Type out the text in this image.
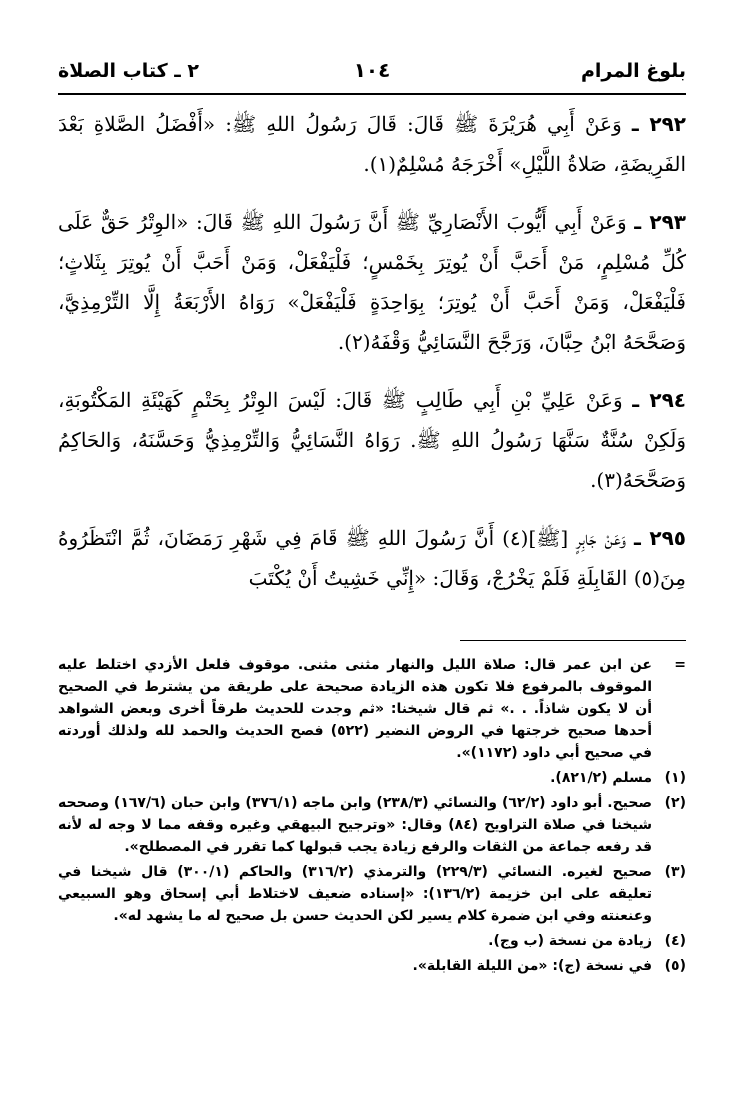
بلوغ المرام
١٠٤
٢ ـ كتاب الصلاة

٢٩٢ ـ وَعَنْ أَبِي هُرَيْرَةَ ﷺ قَالَ: قَالَ رَسُولُ اللهِ ﷺ: «أَفْضَلُ الصَّلاةِ بَعْدَ الفَرِيضَةِ، صَلاةُ اللَّيْلِ» أَخْرَجَهُ مُسْلِمٌ(١).

٢٩٣ ـ وَعَنْ أَبِي أَيُّوبَ الأَنْصَارِيِّ ﷺ أَنَّ رَسُولَ اللهِ ﷺ قَالَ: «الوِتْرُ حَقٌّ عَلَى كُلِّ مُسْلِمٍ، مَنْ أَحَبَّ أَنْ يُوتِرَ بِخَمْسٍ؛ فَلْيَفْعَلْ، وَمَنْ أَحَبَّ أَنْ يُوتِرَ بِثَلاثٍ؛ فَلْيَفْعَلْ، وَمَنْ أَحَبَّ أَنْ يُوتِرَ؛ بِوَاحِدَةٍ فَلْيَفْعَلْ» رَوَاهُ الأَرْبَعَةُ إِلَّا التِّرْمِذِيَّ، وَصَحَّحَهُ ابْنُ حِبَّانَ، وَرَجَّحَ النَّسَائِيُّ وَقْفَهُ(٢).

٢٩٤ ـ وَعَنْ عَلِيِّ بْنِ أَبِي طَالِبٍ ﷺ قَالَ: لَيْسَ الوِتْرُ بِحَتْمٍ كَهَيْئَةِ المَكْتُوبَةِ، وَلَكِنْ سُنَّةٌ سَنَّهَا رَسُولُ اللهِ ﷺ. رَوَاهُ النَّسَائِيُّ وَالتِّرْمِذِيُّ وَحَسَّنَهُ، وَالحَاكِمُ وَصَحَّحَهُ(٣).

٢٩٥ ـ وَعَنْ جَابِرٍ [ﷺ](٤) أَنَّ رَسُولَ اللهِ ﷺ قَامَ فِي شَهْرِ رَمَضَانَ، ثُمَّ انْتَظَرُوهُ مِنَ(٥) القَابِلَةِ فَلَمْ يَخْرُجْ، وَقَالَ: «إِنِّي خَشِيتُ أَنْ يُكْتَبَ

=
عن ابن عمر قال: صلاة الليل والنهار مثنى مثنى. موقوف فلعل الأزدي اختلط عليه الموقوف بالمرفوع فلا تكون هذه الزيادة صحيحة على طريقة من يشترط في الصحيح أن لا يكون شاذاً. . .» ثم قال شيخنا: «ثم وجدت للحديث طرقاً أخرى وبعض الشواهد أحدها صحيح خرجتها في الروض النضير (٥٢٢) فصح الحديث والحمد لله ولذلك أوردته في صحيح أبي داود (١١٧٢)».
(١)
مسلم (٨٢١/٢).
(٢)
صحيح. أبو داود (٦٢/٢) والنسائي (٢٣٨/٣) وابن ماجه (٣٧٦/١) وابن حبان (١٦٧/٦) وصححه شيخنا في صلاة التراويح (٨٤) وقال: «وترجيح البيهقي وغيره وقفه مما لا وجه له لأنه قد رفعه جماعة من الثقات والرفع زيادة يجب قبولها كما تقرر في المصطلح».
(٣)
صحيح لغيره. النسائي (٢٢٩/٣) والترمذي (٣١٦/٢) والحاكم (٣٠٠/١) قال شيخنا في تعليقه على ابن خزيمة (١٣٦/٢): «إسناده ضعيف لاختلاط أبي إسحاق وهو السبيعي وعنعنته وفي ابن ضمرة كلام يسير لكن الحديث حسن بل صحيح له ما يشهد له».
(٤)
زيادة من نسخة (ب وج).
(٥)
في نسخة (ج): «من الليلة القابلة».
